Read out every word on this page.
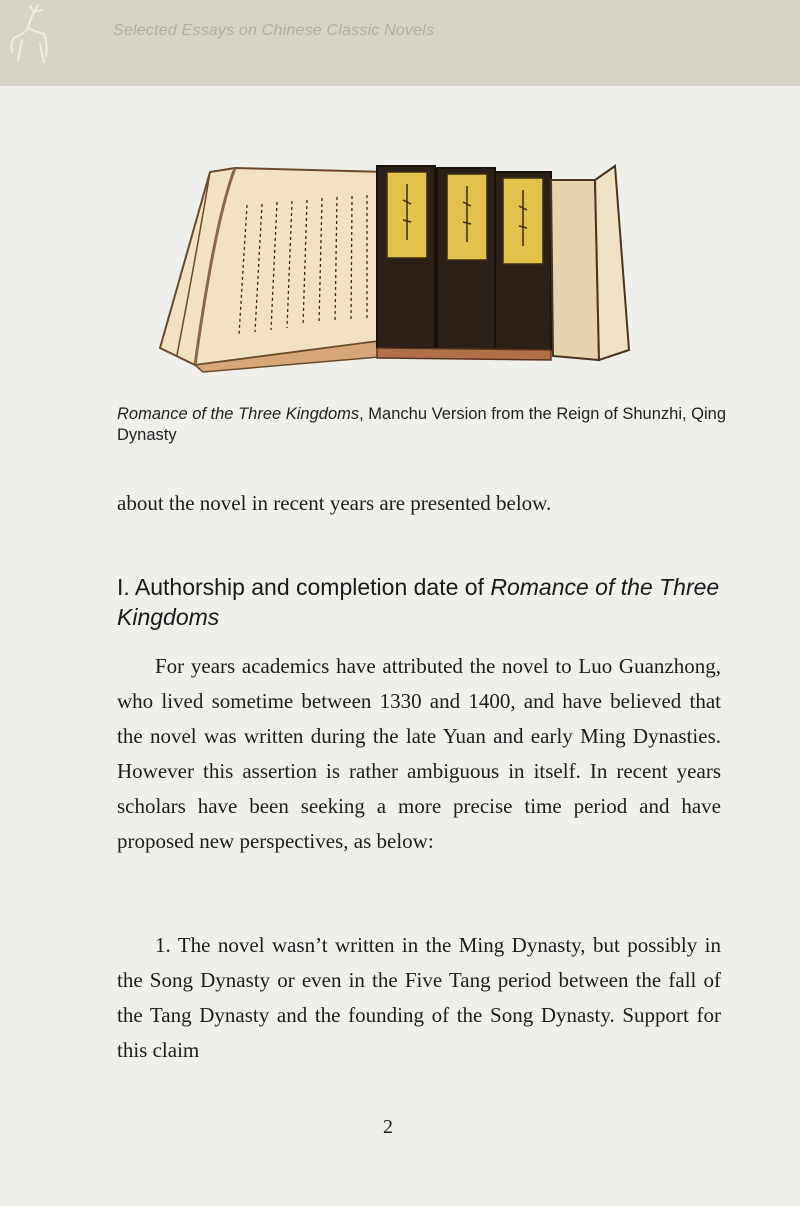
Selected Essays on Chinese Classic Novels
Romance of the Three Kingdoms, Manchu Version from the Reign of Shunzhi, Qing Dynasty
about the novel in recent years are presented below.
I. Authorship and completion date of Romance of the Three Kingdoms

For years academics have attributed the novel to Luo Guanzhong, who lived sometime between 1330 and 1400, and have believed that the novel was written during the late Yuan and early Ming Dynasties. However this assertion is rather ambiguous in itself. In recent years scholars have been seeking a more precise time period and have proposed new perspectives, as below:

1. The novel wasn’t written in the Ming Dynasty, but possibly in the Song Dynasty or even in the Five Tang period between the fall of the Tang Dynasty and the founding of the Song Dynasty. Support for this claim

2
